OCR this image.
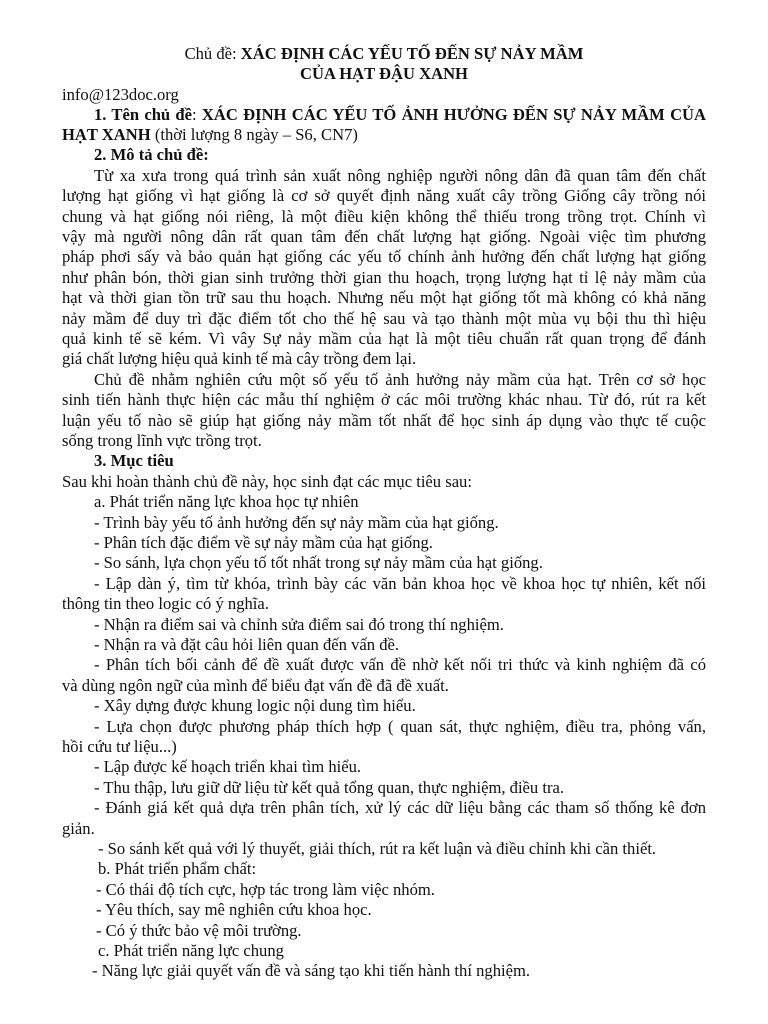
Chủ đề: XÁC ĐỊNH CÁC YẾU TỐ ĐẾN SỰ NẢY MẦM
CỦA HẠT ĐẬU XANH
info@123doc.org
1. Tên chủ đề: XÁC ĐỊNH CÁC YẾU TỐ ẢNH HƯỞNG ĐẾN SỰ NẢY MẦM CỦA
HẠT XANH (thời lượng 8 ngày – S6, CN7)
2. Mô tả chủ đề:
Từ xa xưa trong quá trình sản xuất nông nghiệp người nông dân đã quan tâm đến chất
lượng hạt giống vì hạt giống là cơ sở quyết định năng xuất cây trồng Giống cây trồng nói
chung và hạt giống nói riêng, là một điều kiện không thể thiếu trong trồng trọt. Chính vì
vậy mà người nông dân rất quan tâm đến chất lượng hạt giống. Ngoài việc tìm phương
pháp phơi sấy và bảo quản hạt giống các yếu tố chính ảnh hưởng đến chất lượng hạt giống
như phân bón, thời gian sinh trưởng thời gian thu hoạch, trọng lượng hạt tỉ lệ nảy mầm của
hạt và thời gian tồn trữ sau thu hoạch. Nhưng nếu một hạt giống tốt mà không có khả năng
nảy mầm để duy trì đặc điểm tốt cho thế hệ sau và tạo thành một mùa vụ bội thu thì hiệu
quả kinh tế sẽ kém. Vì vây Sự nảy mầm của hạt là một tiêu chuẩn rất quan trọng để đánh
giá chất lượng hiệu quả kinh tế mà cây trồng đem lại.
Chủ đề nhằm nghiên cứu một số yếu tố ảnh hưởng nảy mầm của hạt. Trên cơ sở học
sinh tiến hành thực hiện các mẫu thí nghiệm ở các môi trường khác nhau. Từ đó, rút ra kết
luận yếu tố nào sẽ giúp hạt giống nảy mầm tốt nhất để học sinh áp dụng vào thực tế cuộc
sống trong lĩnh vực trồng trọt.
3. Mục tiêu
Sau khi hoàn thành chủ đề này, học sinh đạt các mục tiêu sau:
a. Phát triển năng lực khoa học tự nhiên
- Trình bày yếu tố ảnh hưởng đến sự nảy mầm của hạt giống.
- Phân tích đặc điểm về sự nảy mầm của hạt giống.
- So sánh, lựa chọn yếu tố tốt nhất trong sự nảy mầm của hạt giống.
- Lập dàn ý, tìm từ khóa, trình bày các văn bản khoa học về khoa học tự nhiên, kết nối
thông tin theo logic có ý nghĩa.
- Nhận ra điểm sai và chỉnh sửa điểm sai đó trong thí nghiệm.
- Nhận ra và đặt câu hỏi liên quan đến vấn đề.
- Phân tích bối cảnh để đề xuất được vấn đề nhờ kết nối tri thức và kinh nghiệm đã có
và dùng ngôn ngữ của mình để biểu đạt vấn đề đã đề xuất.
- Xây dựng được khung logic nội dung tìm hiểu.
- Lựa chọn được phương pháp thích hợp ( quan sát, thực nghiệm, điều tra, phỏng vấn,
hồi cứu tư liệu...)
- Lập được kế hoạch triển khai tìm hiểu.
- Thu thập, lưu giữ dữ liệu từ kết quả tổng quan, thực nghiệm, điều tra.
- Đánh giá kết quả dựa trên phân tích, xử lý các dữ liệu bằng các tham số thống kê đơn
giản.
- So sánh kết quả với lý thuyết, giải thích, rút ra kết luận và điều chỉnh khi cần thiết.
b. Phát triển phẩm chất:
- Có thái độ tích cực, hợp tác trong làm việc nhóm.
- Yêu thích, say mê nghiên cứu khoa học.
- Có ý thức bảo vệ môi trường.
c. Phát triển năng lực chung
- Năng lực giải quyết vấn đề và sáng tạo khi tiến hành thí nghiệm.
